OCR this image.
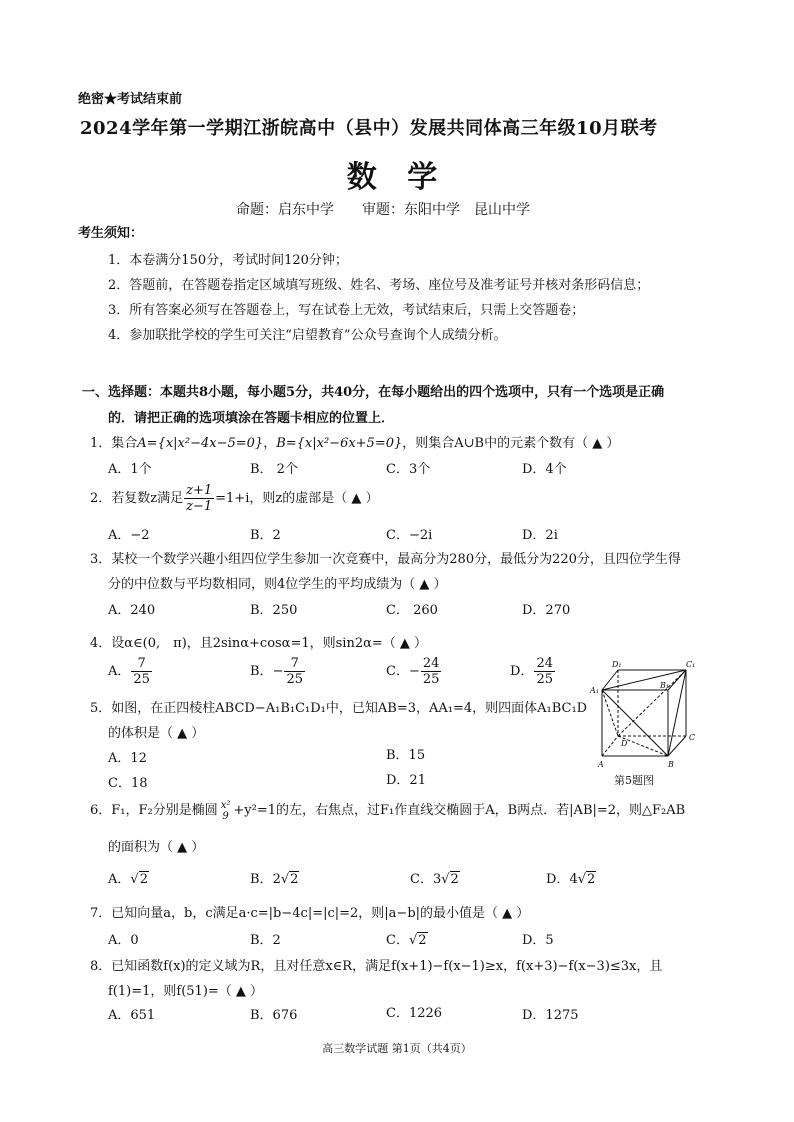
绝密★考试结束前
2024学年第一学期江浙皖高中（县中）发展共同体高三年级10月联考
数 学
命题：启东中学　　审题：东阳中学　昆山中学
考生须知：
1．本卷满分150分，考试时间120分钟；
2．答题前，在答题卷指定区域填写班级、姓名、考场、座位号及准考证号并核对条形码信息；
3．所有答案必须写在答题卷上，写在试卷上无效，考试结束后，只需上交答题卷；
4．参加联批学校的学生可关注“启望教育”公众号查询个人成绩分析。
一、选择题：本题共8小题，每小题5分，共40分，在每小题给出的四个选项中，只有一个选项是正确
的．请把正确的选项填涂在答题卡相应的位置上．
1．集合A={x|x²−4x−5=0}，B={x|x²−6x+5=0}，则集合A∪B中的元素个数有（ ▲ ）
A．1个	B． 2个	C．3个	D．4个
2．若复数z满足 $\frac{z+1}{z-1} =1+i$，则z的虚部是（ ▲ ）
A．−2	B．2	C．−2i	D．2i
3．某校一个数学兴趣小组四位学生参加一次竞赛中，最高分为280分，最低分为220分，且四位学生得
分的中位数与平均数相同，则4位学生的平均成绩为（ ▲ ）
A．240	B．250	C． 260	D．270
4．设α∈(0,　π)，且2sinα+cosα=1，则sin2α=（ ▲ ）
A． $\frac{7}{25}$	B．− $\frac{7}{25}$	C．− $\frac{24}{25}$	D． $\frac{24}{25}$
5．如图，在正四棱柱ABCD−A₁B₁C₁D₁中，已知AB=3，AA₁=4，则四面体A₁BC₁D
的体积是（ ▲ ）
A．12	B．15
C．18	D．21
D₁	C₁
A₁
B₁
D
C
A	B
第5题图
6．F₁，F₂分别是椭圆 x²
9 +y²=1的左，右焦点，过F₁作直线交椭圆于A，B两点．若|AB|=2，则△F₂AB
的面积为（ ▲ ）
A．√2	B．2√2	C．3√2	D．4√2
7．已知向量a，b，c满足a·c=|b−4c|=|c|=2，则|a−b|的最小值是（ ▲ ）
A．0	B．2	C．√2	D．5
8．已知函数f(x)的定义域为R，且对任意x∈R，满足f(x+1)−f(x−1)≥x，f(x+3)−f(x−3)≤3x，且
f(1)=1，则f(51)=（ ▲ ）
A．651	B．676	C．1226	D．1275
高三数学试题 第1页（共4页）
